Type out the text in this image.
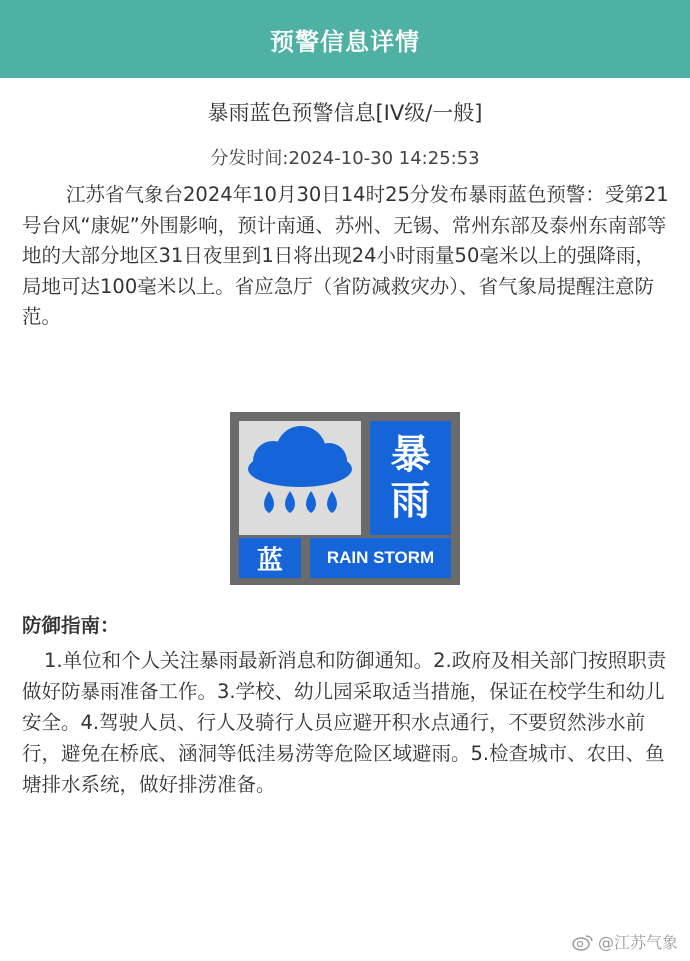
预警信息详情
暴雨蓝色预警信息[IV级/一般]
分发时间:2024-10-30 14:25:53

江苏省气象台2024年10月30日14时25分发布暴雨蓝色预警：受第21号台风“康妮”外围影响，预计南通、苏州、无锡、常州东部及泰州东南部等地的大部分地区31日夜里到1日将出现24小时雨量50毫米以上的强降雨，局地可达100毫米以上。省应急厅（省防减救灾办）、省气象局提醒注意防范。

暴
雨
蓝	RAIN STORM
防御指南：

1.单位和个人关注暴雨最新消息和防御通知。2.政府及相关部门按照职责做好防暴雨准备工作。3.学校、幼儿园采取适当措施，保证在校学生和幼儿安全。4.驾驶人员、行人及骑行人员应避开积水点通行，不要贸然涉水前行，避免在桥底、涵洞等低洼易涝等危险区域避雨。5.检查城市、农田、鱼塘排水系统，做好排涝准备。

@江苏气象
